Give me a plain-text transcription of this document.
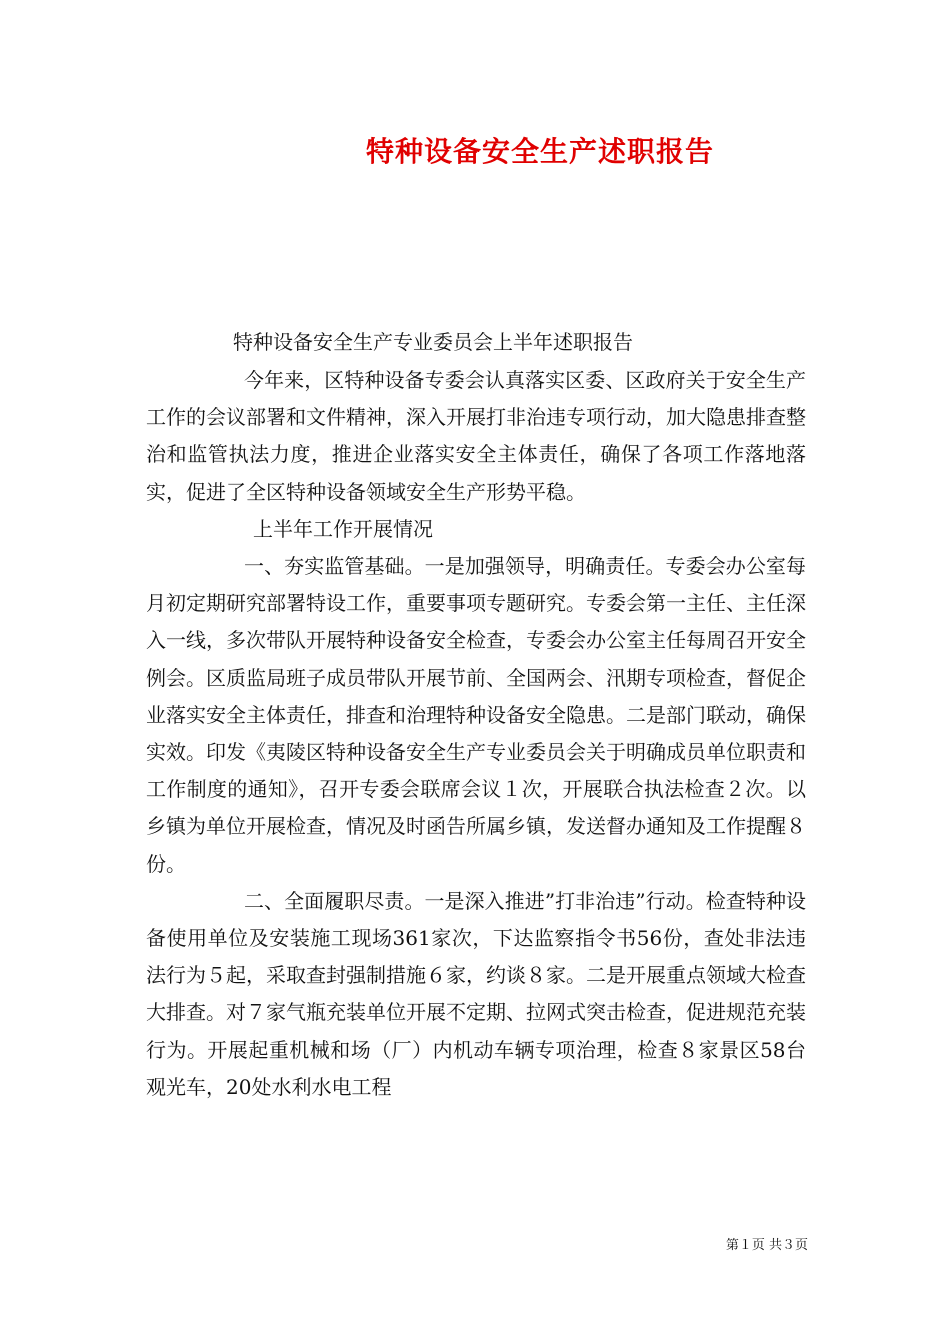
特种设备安全生产述职报告
特种设备安全生产专业委员会上半年述职报告

今年来，区特种设备专委会认真落实区委、区政府关于安全生产工作的会议部署和文件精神，深入开展打非治违专项行动，加大隐患排查整治和监管执法力度，推进企业落实安全主体责任，确保了各项工作落地落实，促进了全区特种设备领域安全生产形势平稳。

上半年工作开展情况

一、夯实监管基础。一是加强领导，明确责任。专委会办公室每月初定期研究部署特设工作，重要事项专题研究。专委会第一主任、主任深入一线，多次带队开展特种设备安全检查，专委会办公室主任每周召开安全例会。区质监局班子成员带队开展节前、全国两会、汛期专项检查，督促企业落实安全主体责任，排查和治理特种设备安全隐患。二是部门联动，确保实效。印发《夷陵区特种设备安全生产专业委员会关于明确成员单位职责和工作制度的通知》，召开专委会联席会议１次，开展联合执法检查２次。以乡镇为单位开展检查，情况及时函告所属乡镇，发送督办通知及工作提醒８份。

二、全面履职尽责。一是深入推进”打非治违”行动。检查特种设备使用单位及安装施工现场361家次，下达监察指令书56份，查处非法违法行为５起，采取查封强制措施６家，约谈８家。二是开展重点领域大检查大排查。对７家气瓶充装单位开展不定期、拉网式突击检查，促进规范充装行为。开展起重机械和场（厂）内机动车辆专项治理，检查８家景区58台观光车，20处水利水电工程

第１页 共３页
